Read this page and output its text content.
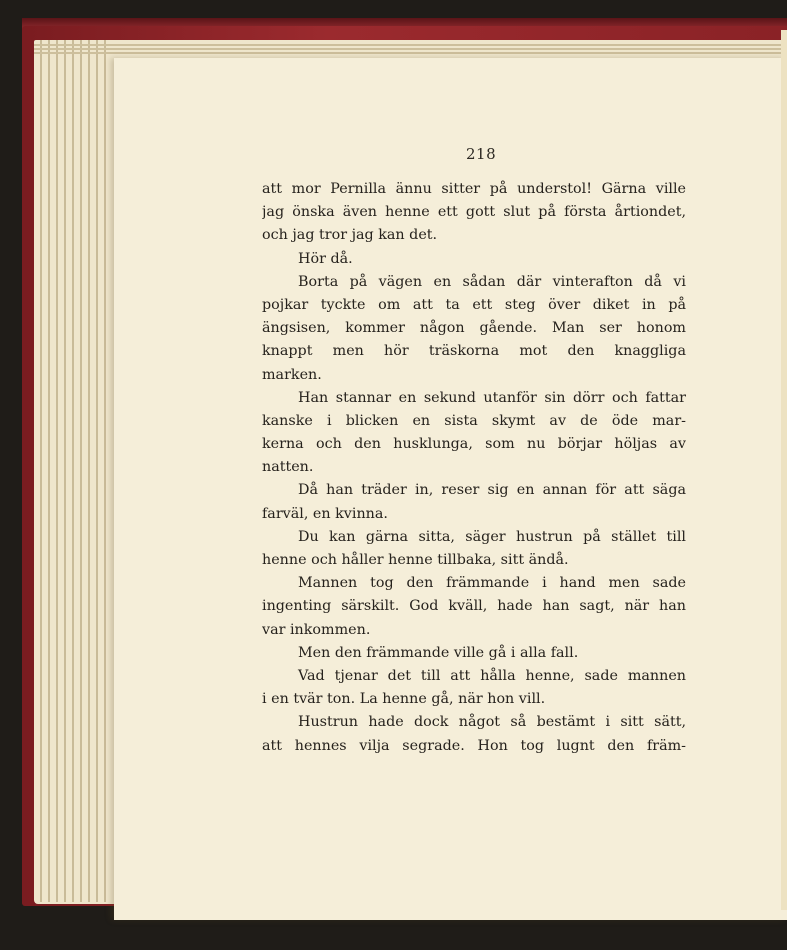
218
att mor Pernilla ännu sitter på understol! Gärna ville
jag önska även henne ett gott slut på första årtiondet,
och jag tror jag kan det.
Hör då.
Borta på vägen en sådan där vinterafton då vi
pojkar tyckte om att ta ett steg över diket in på
ängsisen, kommer någon gående. Man ser honom
knappt men hör träskorna mot den knaggliga
marken.
Han stannar en sekund utanför sin dörr och fattar
kanske i blicken en sista skymt av de öde mar-
kerna och den husklunga, som nu börjar höljas av
natten.
Då han träder in, reser sig en annan för att säga
farväl, en kvinna.
Du kan gärna sitta, säger hustrun på stället till
henne och håller henne tillbaka, sitt ändå.
Mannen tog den främmande i hand men sade
ingenting särskilt. God kväll, hade han sagt, när han
var inkommen.
Men den främmande ville gå i alla fall.
Vad tjenar det till att hålla henne, sade mannen
i en tvär ton. La henne gå, när hon vill.
Hustrun hade dock något så bestämt i sitt sätt,
att hennes vilja segrade. Hon tog lugnt den främ-
